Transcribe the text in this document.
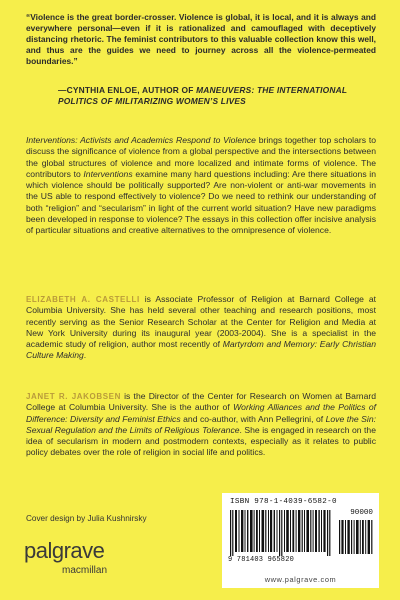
“Violence is the great border-crosser. Violence is global, it is local, and it is always and everywhere personal—even if it is rationalized and camouflaged with deceptively distancing rhetoric. The feminist contributors to this valuable collection know this well, and thus are the guides we need to journey across all the violence-permeated boundaries.”
—CYNTHIA ENLOE, AUTHOR OF MANEUVERS: THE INTERNATIONAL POLITICS OF MILITARIZING WOMEN’S LIVES
Interventions: Activists and Academics Respond to Violence brings together top scholars to discuss the significance of violence from a global perspective and the intersections between the global structures of violence and more localized and intimate forms of violence. The contributors to Interventions examine many hard questions including: Are there situations in which violence should be politically supported? Are non-violent or anti-war movements in the US able to respond effectively to violence? Do we need to rethink our understanding of both “religion” and “secularism” in light of the current world situation? Have new paradigms been developed in response to violence? The essays in this collection offer incisive analysis of particular situations and creative alternatives to the omnipresence of violence.
ELIZABETH A. CASTELLI is Associate Professor of Religion at Barnard College at Columbia University. She has held several other teaching and research positions, most recently serving as the Senior Research Scholar at the Center for Religion and Media at New York University during its inaugural year (2003-2004). She is a specialist in the academic study of religion, author most recently of Martyrdom and Memory: Early Christian Culture Making.
JANET R. JAKOBSEN is the Director of the Center for Research on Women at Barnard College at Columbia University. She is the author of Working Alliances and the Politics of Difference: Diversity and Feminist Ethics and co-author, with Ann Pellegrini, of Love the Sin: Sexual Regulation and the Limits of Religious Tolerance. She is engaged in research on the idea of secularism in modern and postmodern contexts, especially as it relates to public policy debates over the role of religion in social life and politics.
Cover design by Julia Kushnirsky
palgrave
macmillan
ISBN 978-1-4039-6582-0
90000
9 781403 965820
www.palgrave.com
